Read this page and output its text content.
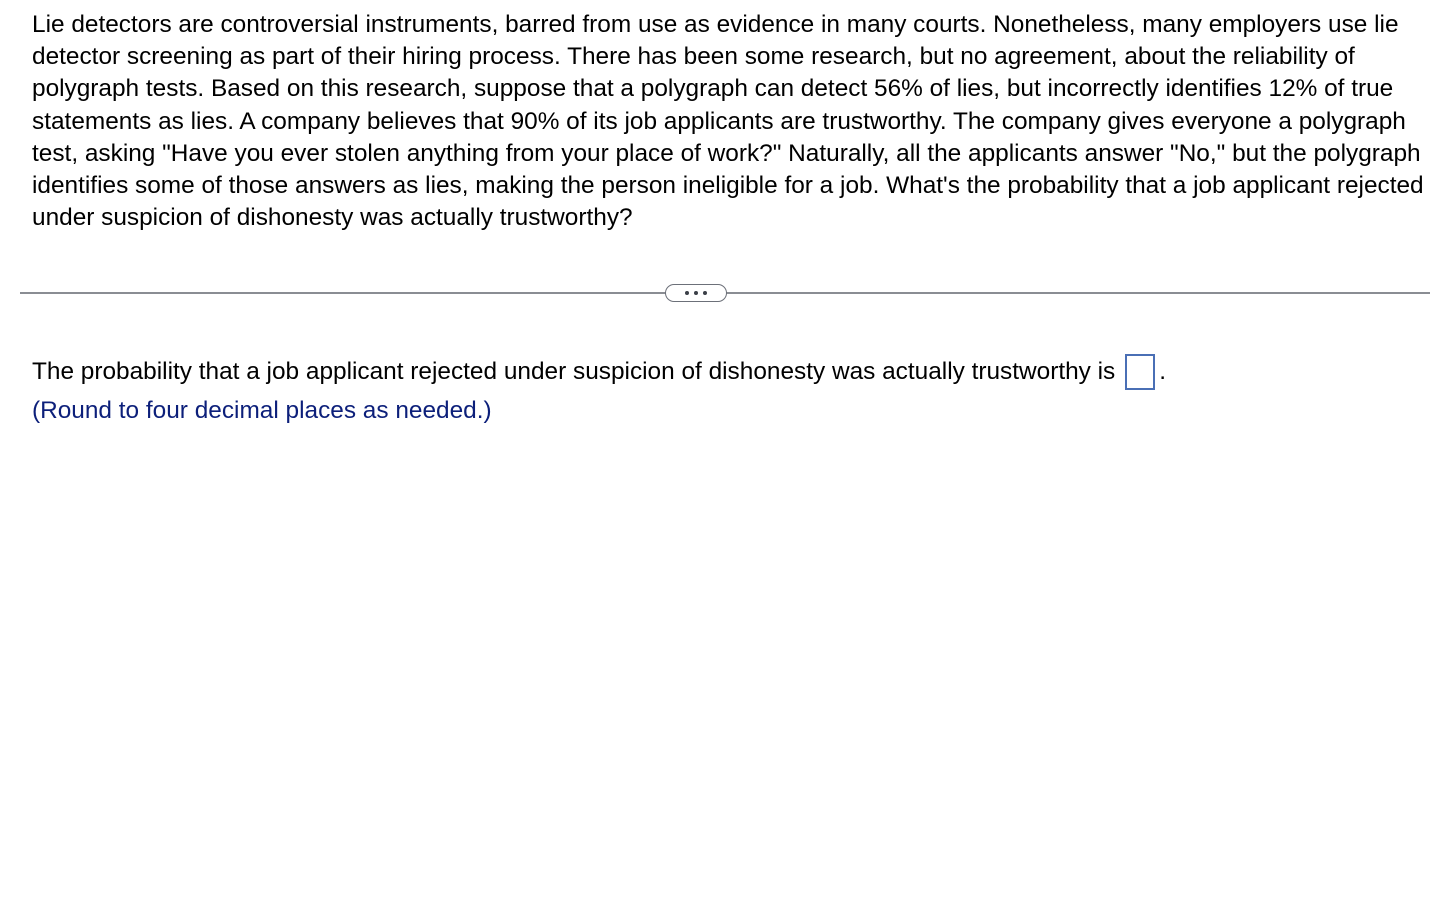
Lie detectors are controversial instruments, barred from use as evidence in many courts. Nonetheless, many employers use lie detector screening as part of their hiring process. There has been some research, but no agreement, about the reliability of polygraph tests. Based on this research, suppose that a polygraph can detect 56% of lies, but incorrectly identifies 12% of true statements as lies. A company believes that 90% of its job applicants are trustworthy. The company gives everyone a polygraph test, asking "Have you ever stolen anything from your place of work?" Naturally, all the applicants answer "No," but the polygraph identifies some of those answers as lies, making the person ineligible for a job. What's the probability that a job applicant rejected under suspicion of dishonesty was actually trustworthy?

The probability that a job applicant rejected under suspicion of dishonesty was actually trustworthy is .
(Round to four decimal places as needed.)
